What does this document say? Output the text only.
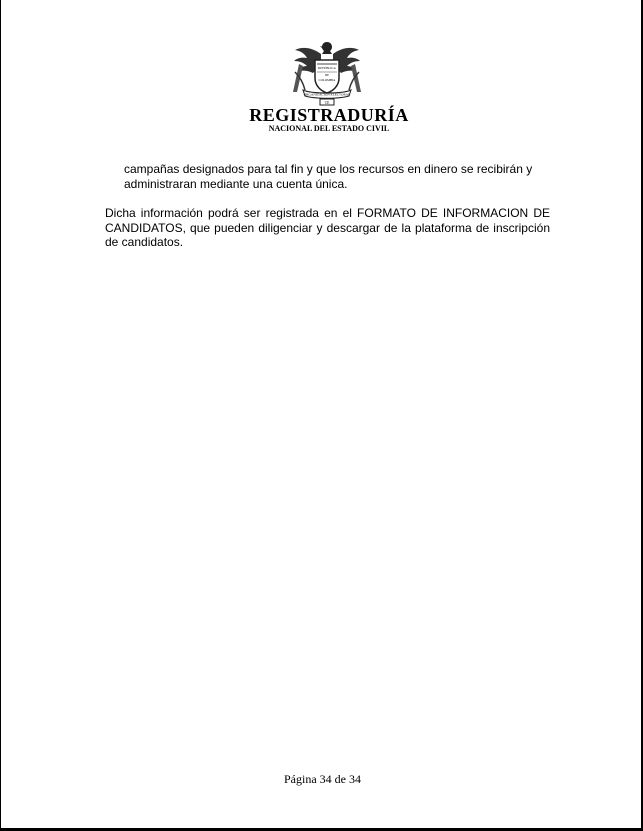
REPÚBLICA
DE
COLOMBIA
ORGANIZACIÓN ELECTORAL
CE
REGISTRADURÍA
NACIONAL DEL ESTADO CIVIL

campañas designados para tal fin y que los recursos en dinero se recibirán y administraran mediante una cuenta única.

Dicha información podrá ser registrada en el FORMATO DE INFORMACION DE CANDIDATOS, que pueden diligenciar y descargar de la plataforma de inscripción de candidatos.

Página 34 de 34
